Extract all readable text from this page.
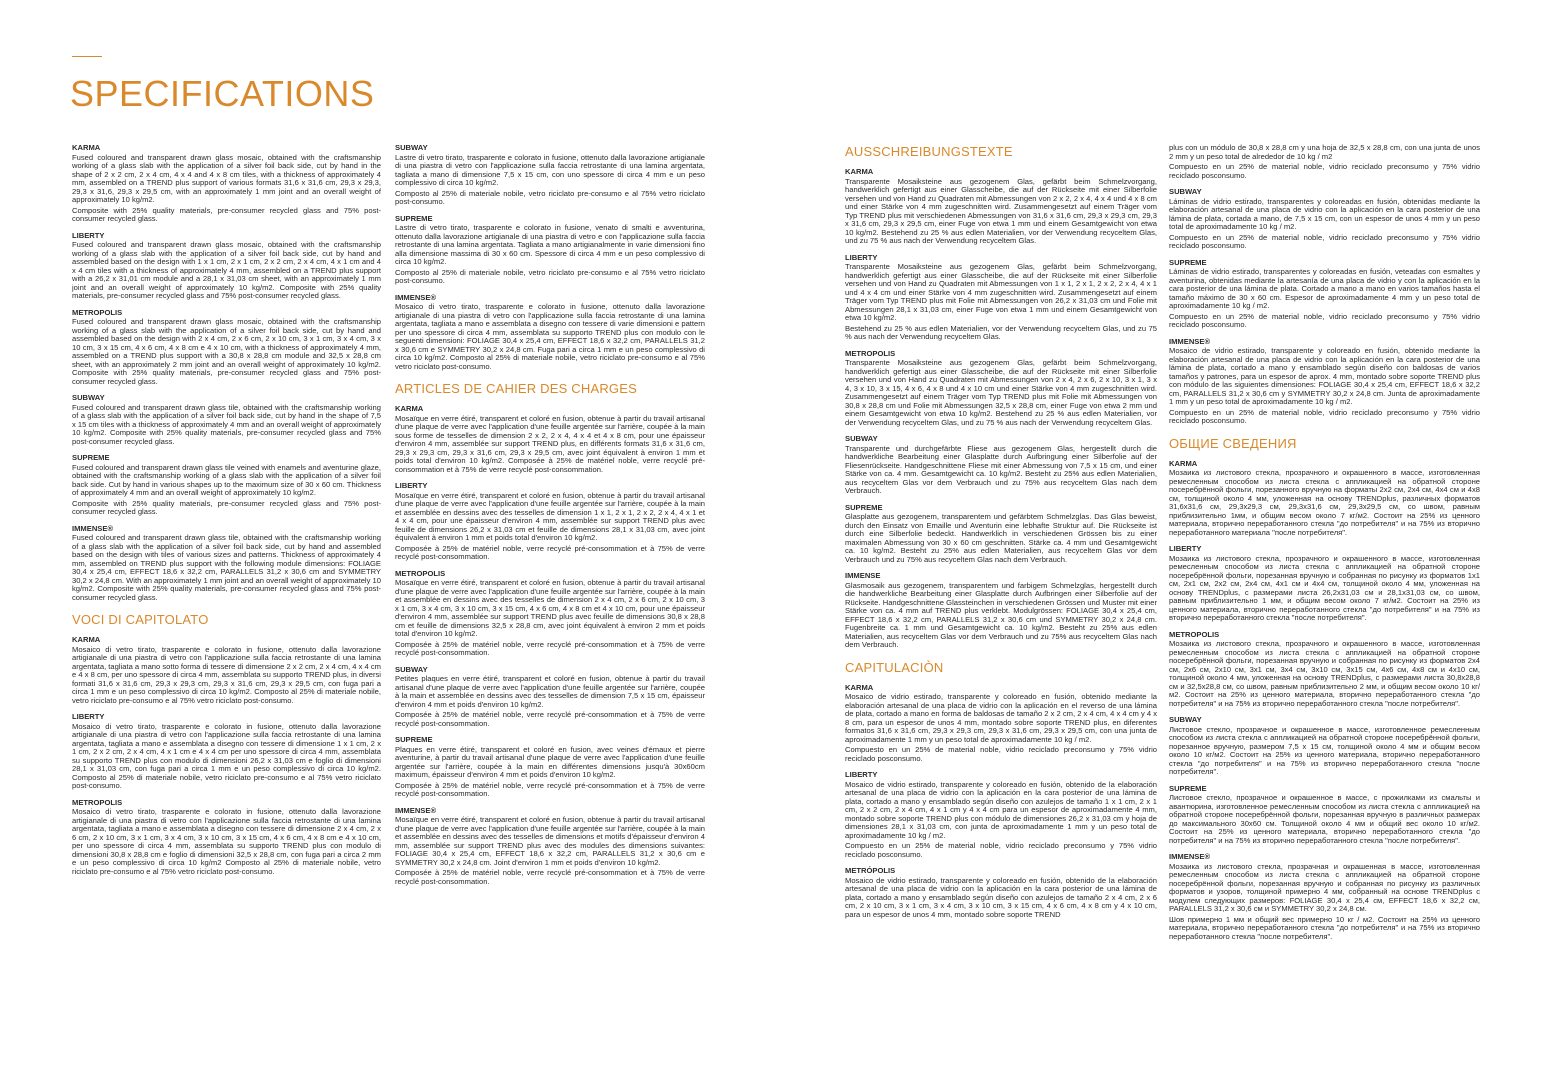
SPECIFICATIONS
KARMA

Fused coloured and transparent drawn glass mosaic, obtained with the craftsmanship working of a glass slab with the application of a silver foil back side, cut by hand in the shape of 2 x 2 cm, 2 x 4 cm, 4 x 4 and 4 x 8 cm tiles, with a thickness of approximately 4 mm, assembled on a TREND plus support of various formats 31,6 x 31,6 cm, 29,3 x 29,3, 29,3 x 31,6, 29,3 x 29,5 cm, with an approximately 1 mm joint and an overall weight of approximately 10 kg/m2.

Composite with 25% quality materials, pre-consumer recycled glass and 75% post-consumer recycled glass.

LIBERTY

Fused coloured and transparent drawn glass mosaic, obtained with the craftsmanship working of a glass slab with the application of a silver foil back side, cut by hand and assembled based on the design with 1 x 1 cm, 2 x 1 cm, 2 x 2 cm, 2 x 4 cm, 4 x 1 cm and 4 x 4 cm tiles with a thickness of approximately 4 mm, assembled on a TREND plus support with a 26,2 x 31,01 cm module and a 28,1 x 31,03 cm sheet, with an approximately 1 mm joint and an overall weight of approximately 10 kg/m2. Composite with 25% quality materials, pre-consumer recycled glass and 75% post-consumer recycled glass.

METROPOLIS

Fused coloured and transparent drawn glass mosaic, obtained with the craftsmanship working of a glass slab with the application of a silver foil back side, cut by hand and assembled based on the design with 2 x 4 cm, 2 x 6 cm, 2 x 10 cm, 3 x 1 cm, 3 x 4 cm, 3 x 10 cm, 3 x 15 cm, 4 x 6 cm, 4 x 8 cm e 4 x 10 cm, with a thickness of approximately 4 mm, assembled on a TREND plus support with a 30,8 x 28,8 cm module and 32,5 x 28,8 cm sheet, with an approximately 2 mm joint and an overall weight of approximately 10 kg/m2. Composite with 25% quality materials, pre-consumer recycled glass and 75% post-consumer recycled glass.

SUBWAY

Fused coloured and transparent drawn glass tile, obtained with the craftsmanship working of a glass slab with the application of a silver foil back side, cut by hand in the shape of 7,5 x 15 cm tiles with a thickness of approximately 4 mm and an overall weight of approximately 10 kg/m2. Composite with 25% quality materials, pre-consumer recycled glass and 75% post-consumer recycled glass.

SUPREME

Fused coloured and transparent drawn glass tile veined with enamels and aventurine glaze, obtained with the craftsmanship working of a glass slab with the application of a silver foil back side. Cut by hand in various shapes up to the maximum size of 30 x 60 cm. Thickness of approximately 4 mm and an overall weight of approximately 10 kg/m2.

Composite with 25% quality materials, pre-consumer recycled glass and 75% post-consumer recycled glass.

IMMENSE®

Fused coloured and transparent drawn glass tile, obtained with the craftsmanship working of a glass slab with the application of a silver foil back side, cut by hand and assembled based on the design with tiles of various sizes and patterns. Thickness of approximately 4 mm, assembled on TREND plus support with the following module dimensions: FOLIAGE 30,4 x 25,4 cm, EFFECT 18,6 x 32,2 cm, PARALLELS 31,2 x 30,6 cm and SYMMETRY 30,2 x 24,8 cm. With an approximately 1 mm joint and an overall weight of approximately 10 kg/m2. Composite with 25% quality materials, pre-consumer recycled glass and 75% post-consumer recycled glass.

VOCI DI CAPITOLATO
KARMA

Mosaico di vetro tirato, trasparente e colorato in fusione, ottenuto dalla lavorazione artigianale di una piastra di vetro con l'applicazione sulla faccia retrostante di una lamina argentata, tagliata a mano sotto forma di tessere di dimensione 2 x 2 cm, 2 x 4 cm, 4 x 4 cm e 4 x 8 cm, per uno spessore di circa 4 mm, assemblata su supporto TREND plus, in diversi formati 31,6 x 31,6 cm, 29,3 x 29,3 cm, 29,3 x 31,6 cm, 29,3 x 29,5 cm, con fuga pari a circa 1 mm e un peso complessivo di circa 10 kg/m2. Composto al 25% di materiale nobile, vetro riciclato pre-consumo e al 75% vetro riciclato post-consumo.

LIBERTY

Mosaico di vetro tirato, trasparente e colorato in fusione, ottenuto dalla lavorazione artigianale di una piastra di vetro con l'applicazione sulla faccia retrostante di una lamina argentata, tagliata a mano e assemblata a disegno con tessere di dimensione 1 x 1 cm, 2 x 1 cm, 2 x 2 cm, 2 x 4 cm, 4 x 1 cm e 4 x 4 cm per uno spessore di circa 4 mm, assemblata su supporto TREND plus con modulo di dimensioni 26,2 x 31,03 cm e foglio di dimensioni 28,1 x 31,03 cm, con fuga pari a circa 1 mm e un peso complessivo di circa 10 kg/m2. Composto al 25% di materiale nobile, vetro riciclato pre-consumo e al 75% vetro riciclato post-consumo.

METROPOLIS

Mosaico di vetro tirato, trasparente e colorato in fusione, ottenuto dalla lavorazione artigianale di una piastra di vetro con l'applicazione sulla faccia retrostante di una lamina argentata, tagliata a mano e assemblata a disegno con tessere di dimensione 2 x 4 cm, 2 x 6 cm, 2 x 10 cm, 3 x 1 cm, 3 x 4 cm, 3 x 10 cm, 3 x 15 cm, 4 x 6 cm, 4 x 8 cm e 4 x 10 cm, per uno spessore di circa 4 mm, assemblata su supporto TREND plus con modulo di dimensioni 30,8 x 28,8 cm e foglio di dimensioni 32,5 x 28,8 cm, con fuga pari a circa 2 mm e un peso complessivo di circa 10 kg/m2 Composto al 25% di materiale nobile, vetro riciclato pre-consumo e al 75% vetro riciclato post-consumo.

SUBWAY

Lastre di vetro tirato, trasparente e colorato in fusione, ottenuto dalla lavorazione artigianale di una piastra di vetro con l'applicazione sulla faccia retrostante di una lamina argentata, tagliata a mano di dimensione 7,5 x 15 cm, con uno spessore di circa 4 mm e un peso complessivo di circa 10 kg/m2.

Composto al 25% di materiale nobile, vetro riciclato pre-consumo e al 75% vetro riciclato post-consumo.

SUPREME

Lastre di vetro tirato, trasparente e colorato in fusione, venato di smalti e avventurina, ottenuto dalla lavorazione artigianale di una piastra di vetro e con l'applicazione sulla faccia retrostante di una lamina argentata. Tagliata a mano artigianalmente in varie dimensioni fino alla dimensione massima di 30 x 60 cm. Spessore di circa 4 mm e un peso complessivo di circa 10 kg/m2.

Composto al 25% di materiale nobile, vetro riciclato pre-consumo e al 75% vetro riciclato post-consumo.

IMMENSE®

Mosaico di vetro tirato, trasparente e colorato in fusione, ottenuto dalla lavorazione artigianale di una piastra di vetro con l'applicazione sulla faccia retrostante di una lamina argentata, tagliata a mano e assemblata a disegno con tessere di varie dimensioni e pattern per uno spessore di circa 4 mm, assemblata su supporto TREND plus con modulo con le seguenti dimensioni: FOLIAGE 30,4 x 25,4 cm, EFFECT 18,6 x 32,2 cm, PARALLELS 31,2 x 30,6 cm e SYMMETRY 30,2 x 24,8 cm. Fuga pari a circa 1 mm e un peso complessivo di circa 10 kg/m2. Composto al 25% di materiale nobile, vetro riciclato pre-consumo e al 75% vetro riciclato post-consumo.

ARTICLES DE CAHIER DES CHARGES
KARMA

Mosaïque en verre étiré, transparent et coloré en fusion, obtenue à partir du travail artisanal d'une plaque de verre avec l'application d'une feuille argentée sur l'arrière, coupée à la main sous forme de tesselles de dimension 2 x 2, 2 x 4, 4 x 4 et 4 x 8 cm, pour une épaisseur d'environ 4 mm, assemblée sur support TREND plus, en différents formats 31,6 x 31,6 cm, 29,3 x 29,3 cm, 29,3 x 31,6 cm, 29,3 x 29,5 cm, avec joint équivalent à environ 1 mm et poids total d'environ 10 kg/m2. Composée à 25% de matériel noble, verre recyclé pré-consommation et à 75% de verre recyclé post-consommation.

LIBERTY

Mosaïque en verre étiré, transparent et coloré en fusion, obtenue à partir du travail artisanal d'une plaque de verre avec l'application d'une feuille argentée sur l'arrière, coupée à la main et assemblée en dessins avec des tesselles de dimension 1 x 1, 2 x 1, 2 x 2, 2 x 4, 4 x 1 et 4 x 4 cm, pour une épaisseur d'environ 4 mm, assemblée sur support TREND plus avec feuille de dimensions 26,2 x 31,03 cm et feuille de dimensions 28,1 x 31,03 cm, avec joint équivalent à environ 1 mm et poids total d'environ 10 kg/m2.

Composée à 25% de matériel noble, verre recyclé pré-consommation et à 75% de verre recyclé post-consommation.

METROPOLIS

Mosaïque en verre étiré, transparent et coloré en fusion, obtenue à partir du travail artisanal d'une plaque de verre avec l'application d'une feuille argentée sur l'arrière, coupée à la main et assemblée en dessins avec des tesselles de dimension 2 x 4 cm, 2 x 6 cm, 2 x 10 cm, 3 x 1 cm, 3 x 4 cm, 3 x 10 cm, 3 x 15 cm, 4 x 6 cm, 4 x 8 cm et 4 x 10 cm, pour une épaisseur d'environ 4 mm, assemblée sur support TREND plus avec feuille de dimensions 30,8 x 28,8 cm et feuille de dimensions 32,5 x 28,8 cm, avec joint équivalent à environ 2 mm et poids total d'environ 10 kg/m2.

Composée à 25% de matériel noble, verre recyclé pré-consommation et à 75% de verre recyclé post-consommation.

SUBWAY

Petites plaques en verre étiré, transparent et coloré en fusion, obtenue à partir du travail artisanal d'une plaque de verre avec l'application d'une feuille argentée sur l'arrière, coupée à la main et assemblée en dessins avec des tesselles de dimension 7,5 x 15 cm, épaisseur d'environ 4 mm et poids d'environ 10 kg/m2.

Composée à 25% de matériel noble, verre recyclé pré-consommation et à 75% de verre recyclé post-consommation.

SUPREME

Plaques en verre étiré, transparent et coloré en fusion, avec veines d'émaux et pierre aventurine, à partir du travail artisanal d'une plaque de verre avec l'application d'une feuille argentée sur l'arrière, coupée à la main en différentes dimensions jusqu'à 30x60cm maximum, épaisseur d'environ 4 mm et poids d'environ 10 kg/m2.

Composée à 25% de matériel noble, verre recyclé pré-consommation et à 75% de verre recyclé post-consommation.

IMMENSE®

Mosaïque en verre étiré, transparent et coloré en fusion, obtenue à partir du travail artisanal d'une plaque de verre avec l'application d'une feuille argentée sur l'arrière, coupée à la main et assemblée en dessins avec des tesselles de dimensions et motifs d'épaisseur d'environ 4 mm, assemblée sur support TREND plus avec des modules des dimensions suivantes: FOLIAGE 30,4 x 25,4 cm, EFFECT 18,6 x 32,2 cm, PARALLELS 31,2 x 30,6 cm e SYMMETRY 30,2 x 24,8 cm. Joint d'environ 1 mm et poids d'environ 10 kg/m2.

Composée à 25% de matériel noble, verre recyclé pré-consommation et à 75% de verre recyclé post-consommation.

AUSSCHREIBUNGSTEXTE
KARMA

Transparente Mosaiksteine aus gezogenem Glas, gefärbt beim Schmelzvorgang, handwerklich gefertigt aus einer Glasscheibe, die auf der Rückseite mit einer Silberfolie versehen und von Hand zu Quadraten mit Abmessungen von 2 x 2, 2 x 4, 4 x 4 und 4 x 8 cm und einer Stärke von 4 mm zugeschnitten wird. Zusammengesetzt auf einem Träger vom Typ TREND plus mit verschiedenen Abmessungen von 31,6 x 31,6 cm, 29,3 x 29,3 cm, 29,3 x 31,6 cm, 29,3 x 29,5 cm, einer Fuge von etwa 1 mm und einem Gesamtgewicht von etwa 10 kg/m2. Bestehend zu 25 % aus edlen Materialien, vor der Verwendung recyceltem Glas, und zu 75 % aus nach der Verwendung recyceltem Glas.

LIBERTY

Transparente Mosaiksteine aus gezogenem Glas, gefärbt beim Schmelzvorgang, handwerklich gefertigt aus einer Glasscheibe, die auf der Rückseite mit einer Silberfolie versehen und von Hand zu Quadraten mit Abmessungen von 1 x 1, 2 x 1, 2 x 2, 2 x 4, 4 x 1 und 4 x 4 cm und einer Stärke von 4 mm zugeschnitten wird. Zusammengesetzt auf einem Träger vom Typ TREND plus mit Folie mit Abmessungen von 26,2 x 31,03 cm und Folie mit Abmessungen 28,1 x 31,03 cm, einer Fuge von etwa 1 mm und einem Gesamtgewicht von etwa 10 kg/m2.

Bestehend zu 25 % aus edlen Materialien, vor der Verwendung recyceltem Glas, und zu 75 % aus nach der Verwendung recyceltem Glas.

METROPOLIS

Transparente Mosaiksteine aus gezogenem Glas, gefärbt beim Schmelzvorgang, handwerklich gefertigt aus einer Glasscheibe, die auf der Rückseite mit einer Silberfolie versehen und von Hand zu Quadraten mit Abmessungen von 2 x 4, 2 x 6, 2 x 10, 3 x 1, 3 x 4, 3 x 10, 3 x 15, 4 x 6, 4 x 8 und 4 x 10 cm und einer Stärke von 4 mm zugeschnitten wird. Zusammengesetzt auf einem Träger vom Typ TREND plus mit Folie mit Abmessungen von 30,8 x 28,8 cm und Folie mit Abmessungen 32,5 x 28,8 cm, einer Fuge von etwa 2 mm und einem Gesamtgewicht von etwa 10 kg/m2. Bestehend zu 25 % aus edlen Materialien, vor der Verwendung recyceltem Glas, und zu 75 % aus nach der Verwendung recyceltem Glas.

SUBWAY

Transparente und durchgefärbte Fliese aus gezogenem Glas, hergestellt durch die handwerkliche Bearbeitung einer Glasplatte durch Aufbringung einer Silberfolie auf der Fliesenrückseite. Handgeschnittene Fliese mit einer Abmessung von 7,5 x 15 cm, und einer Stärke von ca. 4 mm. Gesamtgewicht ca. 10 kg/m2. Besteht zu 25% aus edlen Materialien, aus recyceltem Glas vor dem Verbrauch und zu 75% aus recyceltem Glas nach dem Verbrauch.

SUPREME

Glasplatte aus gezogenem, transparentem und gefärbtem Schmelzglas. Das Glas beweist, durch den Einsatz von Emaille und Aventurin eine lebhafte Struktur auf. Die Rückseite ist durch eine Silberfolie bedeckt. Handwerklich in verschiedenen Grössen bis zu einer maximalen Abmessung von 30 x 60 cm geschnitten. Stärke ca. 4 mm und Gesamtgewicht ca. 10 kg/m2. Besteht zu 25% aus edlen Materialien, aus recyceltem Glas vor dem Verbrauch und zu 75% aus recyceltem Glas nach dem Verbrauch.

IMMENSE

Glasmosaik aus gezogenem, transparentem und farbigem Schmelzglas, hergestellt durch die handwerkliche Bearbeitung einer Glasplatte durch Aufbringen einer Silberfolie auf der Rückseite. Handgeschnittene Glassteinchen in verschiedenen Grössen und Muster mit einer Stärke von ca. 4 mm auf TREND plus verklebt. Modulgrössen: FOLIAGE 30,4 x 25,4 cm, EFFECT 18,6 x 32,2 cm, PARALLELS 31,2 x 30,6 cm und SYMMETRY 30,2 x 24,8 cm. Fugenbreite ca. 1 mm und Gesamtgewicht ca. 10 kg/m2. Besteht zu 25% aus edlen Materialien, aus recyceltem Glas vor dem Verbrauch und zu 75% aus recyceltem Glas nach dem Verbrauch.

CAPITULACIÒN
KARMA

Mosaico de vidrio estirado, transparente y coloreado en fusión, obtenido mediante la elaboración artesanal de una placa de vidrio con la aplicación en el reverso de una lámina de plata, cortado a mano en forma de baldosas de tamaño 2 x 2 cm, 2 x 4 cm, 4 x 4 cm y 4 x 8 cm, para un espesor de unos 4 mm, montado sobre soporte TREND plus, en diferentes formatos 31,6 x 31,6 cm, 29,3 x 29,3 cm, 29,3 x 31,6 cm, 29,3 x 29,5 cm, con una junta de aproximadamente 1 mm y un peso total de aproximadamente 10 kg / m2.

Compuesto en un 25% de material noble, vidrio reciclado preconsumo y 75% vidrio reciclado posconsumo.

LIBERTY

Mosaico de vidrio estirado, transparente y coloreado en fusión, obtenido de la elaboración artesanal de una placa de vidrio con la aplicación en la cara posterior de una lámina de plata, cortado a mano y ensamblado según diseño con azulejos de tamaño 1 x 1 cm, 2 x 1 cm, 2 x 2 cm, 2 x 4 cm, 4 x 1 cm y 4 x 4 cm para un espesor de aproximadamente 4 mm, montado sobre soporte TREND plus con módulo de dimensiones 26,2 x 31,03 cm y hoja de dimensiones 28,1 x 31,03 cm, con junta de aproximadamente 1 mm y un peso total de aproximadamente 10 kg / m2.

Compuesto en un 25% de material noble, vidrio reciclado preconsumo y 75% vidrio reciclado posconsumo.

METRÓPOLIS

Mosaico de vidrio estirado, transparente y coloreado en fusión, obtenido de la elaboración artesanal de una placa de vidrio con la aplicación en la cara posterior de una lámina de plata, cortado a mano y ensamblado según diseño con azulejos de tamaño 2 x 4 cm, 2 x 6 cm, 2 x 10 cm, 3 x 1 cm, 3 x 4 cm, 3 x 10 cm, 3 x 15 cm, 4 x 6 cm, 4 x 8 cm y 4 x 10 cm, para un espesor de unos 4 mm, montado sobre soporte TREND

plus con un módulo de 30,8 x 28,8 cm y una hoja de 32,5 x 28,8 cm, con una junta de unos 2 mm y un peso total de alrededor de 10 kg / m2

Compuesto en un 25% de material noble, vidrio reciclado preconsumo y 75% vidrio reciclado posconsumo.

SUBWAY

Láminas de vidrio estirado, transparentes y coloreadas en fusión, obtenidas mediante la elaboración artesanal de una placa de vidrio con la aplicación en la cara posterior de una lámina de plata, cortada a mano, de 7,5 x 15 cm, con un espesor de unos 4 mm y un peso total de aproximadamente 10 kg / m2.

Compuesto en un 25% de material noble, vidrio reciclado preconsumo y 75% vidrio reciclado posconsumo.

SUPREME

Láminas de vidrio estirado, transparentes y coloreadas en fusión, veteadas con esmaltes y aventurina, obtenidas mediante la artesanía de una placa de vidrio y con la aplicación en la cara posterior de una lámina de plata. Cortado a mano a mano en varios tamaños hasta el tamaño máximo de 30 x 60 cm. Espesor de aproximadamente 4 mm y un peso total de aproximadamente 10 kg / m2.

Compuesto en un 25% de material noble, vidrio reciclado preconsumo y 75% vidrio reciclado posconsumo.

IMMENSE®

Mosaico de vidrio estirado, transparente y coloreado en fusión, obtenido mediante la elaboración artesanal de una placa de vidrio con la aplicación en la cara posterior de una lámina de plata, cortado a mano y ensamblado según diseño con baldosas de varios tamaños y patrones, para un espesor de aprox. 4 mm, montado sobre soporte TREND plus con módulo de las siguientes dimensiones: FOLIAGE 30,4 x 25,4 cm, EFFECT 18,6 x 32,2 cm, PARALLELS 31,2 x 30,6 cm y SYMMETRY 30,2 x 24,8 cm. Junta de aproximadamente 1 mm y un peso total de aproximadamente 10 kg / m2.

Compuesto en un 25% de material noble, vidrio reciclado preconsumo y 75% vidrio reciclado posconsumo.

ОБЩИЕ СВЕДЕНИЯ
KARMA

Мозаика из листового стекла, прозрачного и окрашенного в массе, изготовленная ремесленным способом из листа стекла с аппликацией на обратной стороне посеребрённой фольги, порезанного вручную на форматы 2x2 см, 2x4 см, 4x4 см и 4x8 см, толщиной около 4 мм, уложенная на основу TRENDplus, различных форматов 31,6x31,6 см, 29,3x29,3 см, 29,3x31,6 см, 29,3x29,5 см, со швом, равным приблизительно 1мм, и общим весом около 7 кг/м2. Состоит на 25% из ценного материала, вторично переработанного стекла "до потребителя" и на 75% из вторично переработанного материала "после потребителя".

LIBERTY

Мозаика из листового стекла, прозрачного и окрашенного в массе, изготовленная ремесленным способом из листа стекла с аппликацией на обратной стороне посеребрённой фольги, порезанная вручную и собранная по рисунку из форматов 1x1 см, 2x1 см, 2x2 см, 2x4 см, 4x1 см и 4x4 см, толщиной около 4 мм, уложенная на основу TRENDplus, с размерами листа 26,2x31,03 см и 28,1x31,03 см, со швом, равным приблизительно 1 мм, и общим весом около 7 кг/м2. Состоит на 25% из ценного материала, вторично переработанного стекла "до потребителя" и на 75% из вторично переработанного стекла "после потребителя".

METROPOLIS

Мозаика из листового стекла, прозрачного и окрашенного в массе, изготовленная ремесленным способом из листа стекла с аппликацией на обратной стороне посеребрённой фольги, порезанная вручную и собранная по рисунку из форматов 2x4 см, 2x6 см, 2x10 см, 3x1 см, 3x4 см, 3x10 см, 3x15 см, 4x6 см, 4x8 см и 4x10 см, толщиной около 4 мм, уложенная на основу TRENDplus, с размерами листа 30,8x28,8 см и 32,5x28,8 см, со швом, равным приблизительно 2 мм, и общим весом около 10 кг/м2. Состоит на 25% из ценного материала, вторично переработанного стекла "до потребителя" и на 75% из вторично переработанного стекла "после потребителя".

SUBWAY

Листовое стекло, прозрачное и окрашенное в массе, изготовленное ремесленным способом из листа стекла с аппликацией на обратной стороне посеребрённой фольги, порезанное вручную, размером 7,5 x 15 см, толщиной около 4 мм и общим весом около 10 кг/м2. Состоит на 25% из ценного материала, вторично переработанного стекла "до потребителя" и на 75% из вторично переработанного стекла "после потребителя".

SUPREME

Листовое стекло, прозрачное и окрашенное в массе, с прожилками из смальты и авантюрина, изготовленное ремесленным способом из листа стекла с аппликацией на обратной стороне посеребрённой фольги, порезанная вручную в различных размерах до максимального 30x60 см. Толщиной около 4 мм и общий вес около 10 кг/м2. Состоит на 25% из ценного материала, вторично переработанного стекла "до потребителя" и на 75% из вторично переработанного стекла "после потребителя".

IMMENSE®

Мозаика из листового стекла, прозрачная и окрашенная в массе, изготовленная ремесленным способом из листа стекла с аппликацией на обратной стороне посеребрённой фольги, порезанная вручную и собранная по рисунку из различных форматов и узоров, толщиной примерно 4 мм, собранный на основе TRENDplus с модулем следующих размеров: FOLIAGE 30,4 x 25,4 см, EFFECT 18,6 x 32,2 см, PARALLELS 31,2 x 30,6 см и SYMMETRY 30,2 x 24,8 см.

Шов примерно 1 мм и общий вес примерно 10 кг / м2. Состоит на 25% из ценного материала, вторично переработанного стекла "до потребителя" и на 75% из вторично переработанного стекла "после потребителя".
